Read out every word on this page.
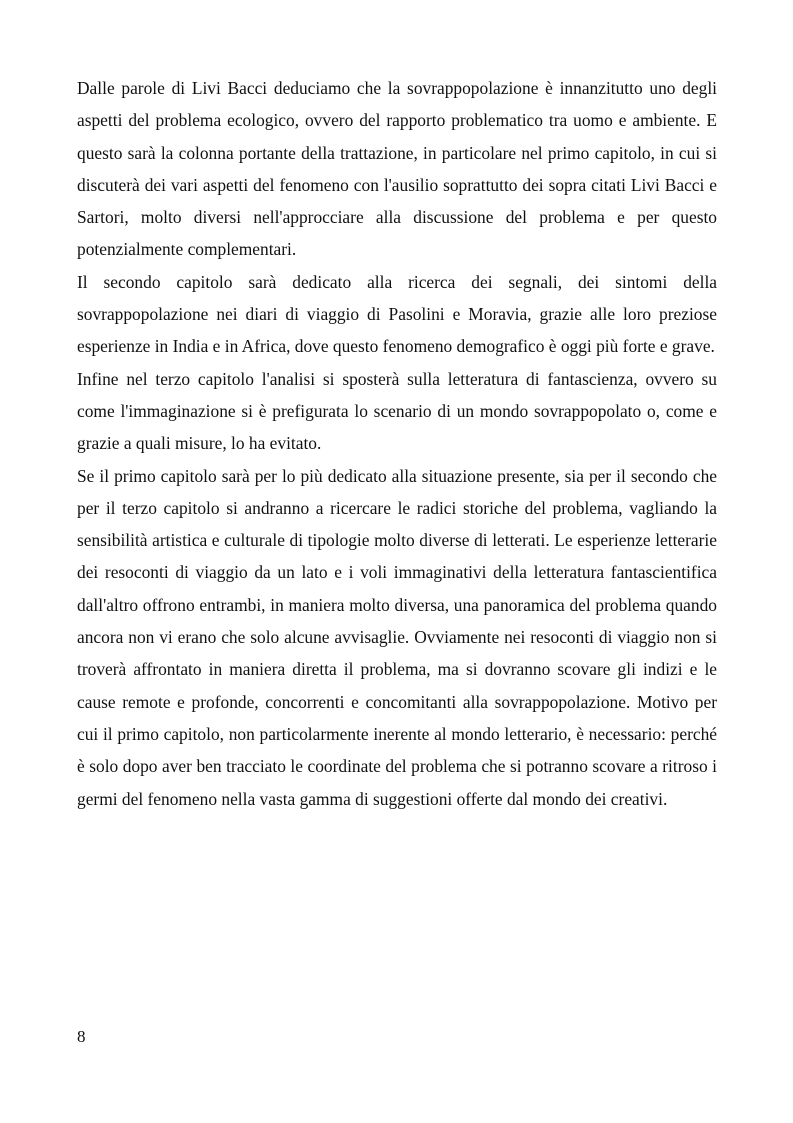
Dalle parole di Livi Bacci deduciamo che la sovrappopolazione è innanzitutto uno degli aspetti del problema ecologico, ovvero del rapporto problematico tra uomo e ambiente. E questo sarà la colonna portante della trattazione, in particolare nel primo capitolo, in cui si discuterà dei vari aspetti del fenomeno con l'ausilio soprattutto dei sopra citati Livi Bacci e Sartori, molto diversi nell'approcciare alla discussione del problema e per questo potenzialmente complementari.

Il secondo capitolo sarà dedicato alla ricerca dei segnali, dei sintomi della sovrappopolazione nei diari di viaggio di Pasolini e Moravia, grazie alle loro preziose esperienze in India e in Africa, dove questo fenomeno demografico è oggi più forte e grave.

Infine nel terzo capitolo l'analisi si sposterà sulla letteratura di fantascienza, ovvero su come l'immaginazione si è prefigurata lo scenario di un mondo sovrappopolato o, come e grazie a quali misure, lo ha evitato.

Se il primo capitolo sarà per lo più dedicato alla situazione presente, sia per il secondo che per il terzo capitolo si andranno a ricercare le radici storiche del problema, vagliando la sensibilità artistica e culturale di tipologie molto diverse di letterati. Le esperienze letterarie dei resoconti di viaggio da un lato e i voli immaginativi della letteratura fantascientifica dall'altro offrono entrambi, in maniera molto diversa, una panoramica del problema quando ancora non vi erano che solo alcune avvisaglie. Ovviamente nei resoconti di viaggio non si troverà affrontato in maniera diretta il problema, ma si dovranno scovare gli indizi e le cause remote e profonde, concorrenti e concomitanti alla sovrappopolazione. Motivo per cui il primo capitolo, non particolarmente inerente al mondo letterario, è necessario: perché è solo dopo aver ben tracciato le coordinate del problema che si potranno scovare a ritroso i germi del fenomeno nella vasta gamma di suggestioni offerte dal mondo dei creativi.

8
